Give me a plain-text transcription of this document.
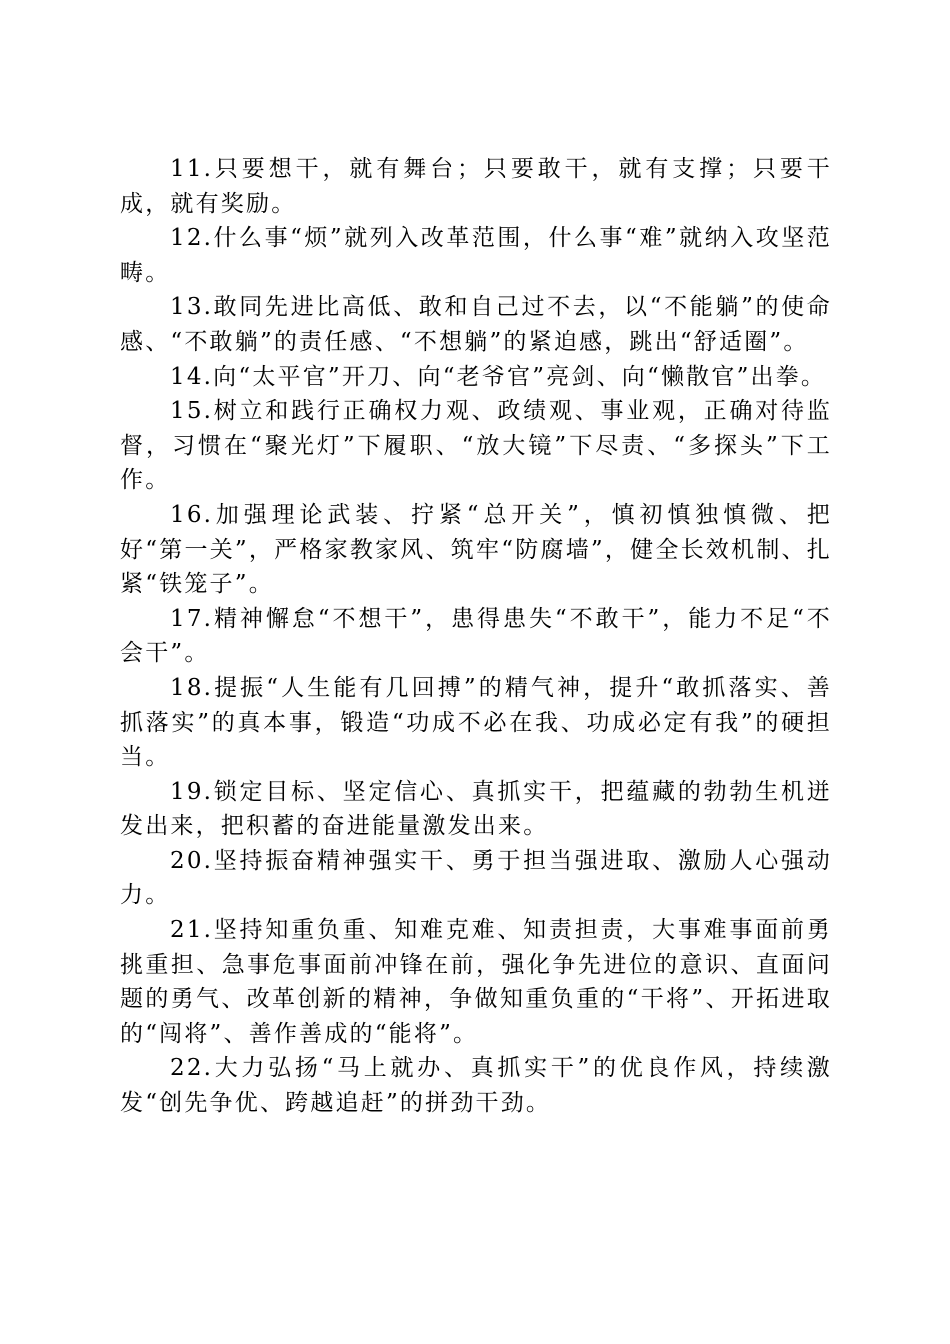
11.只要想干，就有舞台；只要敢干，就有支撑；只要干成，就有奖励。

12.什么事“烦”就列入改革范围，什么事“难”就纳入攻坚范畴。

13.敢同先进比高低、敢和自己过不去，以“不能躺”的使命感、“不敢躺”的责任感、“不想躺”的紧迫感，跳出“舒适圈”。

14.向“太平官”开刀、向“老爷官”亮剑、向“懒散官”出拳。

15.树立和践行正确权力观、政绩观、事业观，正确对待监督，习惯在“聚光灯”下履职、“放大镜”下尽责、“多探头”下工作。

16.加强理论武装、拧紧“总开关”，慎初慎独慎微、把好“第一关”，严格家教家风、筑牢“防腐墙”，健全长效机制、扎紧“铁笼子”。

17.精神懈怠“不想干”，患得患失“不敢干”，能力不足“不会干”。

18.提振“人生能有几回搏”的精气神，提升“敢抓落实、善抓落实”的真本事，锻造“功成不必在我、功成必定有我”的硬担当。

19.锁定目标、坚定信心、真抓实干，把蕴藏的勃勃生机迸发出来，把积蓄的奋进能量激发出来。

20.坚持振奋精神强实干、勇于担当强进取、激励人心强动力。

21.坚持知重负重、知难克难、知责担责，大事难事面前勇挑重担、急事危事面前冲锋在前，强化争先进位的意识、直面问题的勇气、改革创新的精神，争做知重负重的“干将”、开拓进取的“闯将”、善作善成的“能将”。

22.大力弘扬“马上就办、真抓实干”的优良作风，持续激发“创先争优、跨越追赶”的拼劲干劲。
